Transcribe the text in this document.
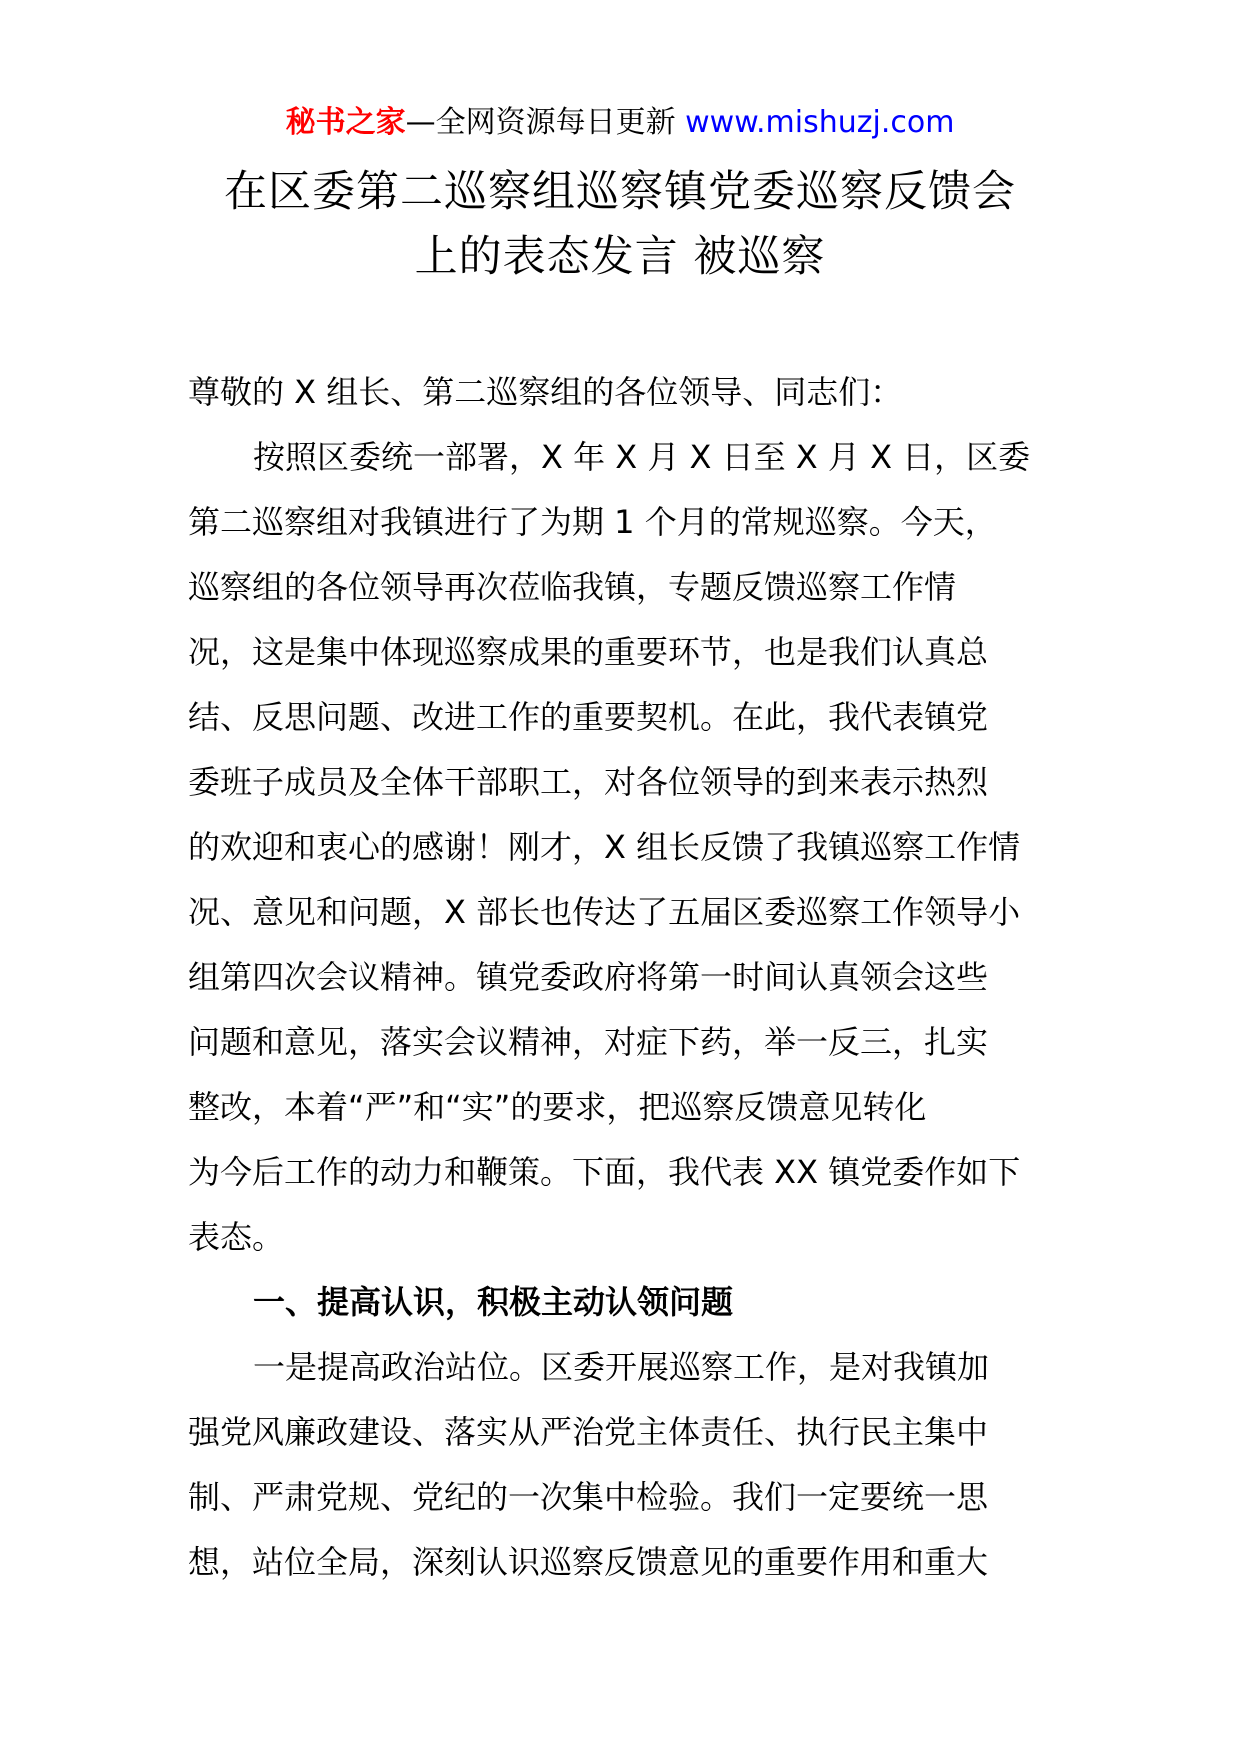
秘书之家—全网资源每日更新 www.mishuzj.com
在区委第二巡察组巡察镇党委巡察反馈会
上的表态发言 被巡察
尊敬的 X 组长、第二巡察组的各位领导、同志们：
按照区委统一部署，X 年 X 月 X 日至 X 月 X 日，区委
第二巡察组对我镇进行了为期 1 个月的常规巡察。今天，
巡察组的各位领导再次莅临我镇，专题反馈巡察工作情
况，这是集中体现巡察成果的重要环节，也是我们认真总
结、反思问题、改进工作的重要契机。在此，我代表镇党
委班子成员及全体干部职工，对各位领导的到来表示热烈
的欢迎和衷心的感谢！刚才，X 组长反馈了我镇巡察工作情
况、意见和问题，X 部长也传达了五届区委巡察工作领导小
组第四次会议精神。镇党委政府将第一时间认真领会这些
问题和意见，落实会议精神，对症下药，举一反三，扎实
整改，本着“严”和“实”的要求，把巡察反馈意见转化
为今后工作的动力和鞭策。下面，我代表 XX 镇党委作如下
表态。
一、提高认识，积极主动认领问题
一是提高政治站位。区委开展巡察工作，是对我镇加
强党风廉政建设、落实从严治党主体责任、执行民主集中
制、严肃党规、党纪的一次集中检验。我们一定要统一思
想，站位全局，深刻认识巡察反馈意见的重要作用和重大
